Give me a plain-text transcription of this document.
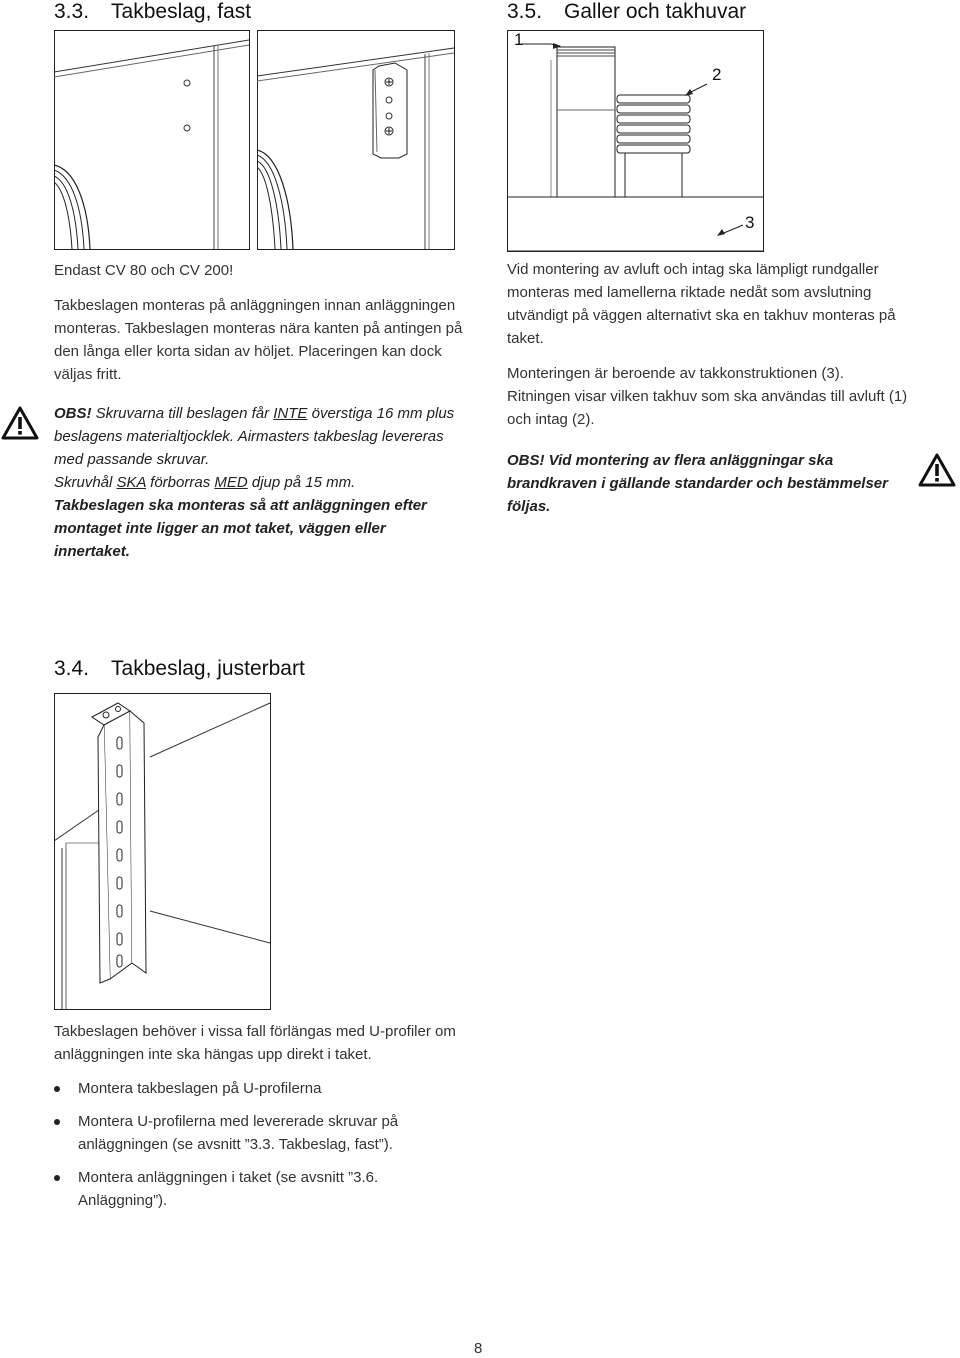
3.3. Takbeslag, fast	3.5. Galler och takhuvar
1
2
3

Endast CV 80 och CV 200!

Takbeslagen monteras på anläggningen innan anläggningen monteras. Takbeslagen monteras nära kanten på antingen på den långa eller korta sidan av höljet. Placeringen kan dock väljas fritt.

OBS! Skruvarna till beslagen får INTE överstiga 16 mm plus beslagens materialtjocklek. Airmasters takbeslag levereras med passande skruvar.

Skruvhål SKA förborras MED djup på 15 mm.

Takbeslagen ska monteras så att anläggningen efter montaget inte ligger an mot taket, väggen eller innertaket.

Vid montering av avluft och intag ska lämpligt rundgaller monteras med lamellerna riktade nedåt som avslutning utvändigt på väggen alternativt ska en takhuv monteras på taket.

Monteringen är beroende av takkonstruktionen (3). Ritningen visar vilken takhuv som ska användas till avluft (1) och intag (2).

OBS! Vid montering av flera anläggningar ska brandkraven i gällande standarder och bestämmelser följas.

3.4. Takbeslag, justerbart

Takbeslagen behöver i vissa fall förlängas med U-profiler om anläggningen inte ska hängas upp direkt i taket.

Montera takbeslagen på U-profilerna
Montera U-profilerna med levererade skruvar på anläggningen (se avsnitt ”3.3. Takbeslag, fast”).
Montera anläggningen i taket (se avsnitt ”3.6. Anläggning”).
8
